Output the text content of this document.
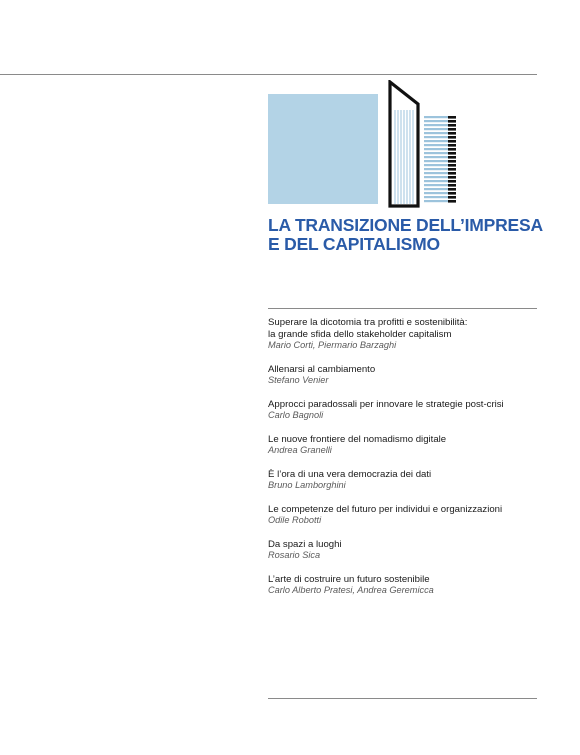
LA TRANSIZIONE DELL’IMPRESA
E DEL CAPITALISMO
Superare la dicotomia tra profitti e sostenibilità:
la grande sfida dello stakeholder capitalism
Mario Corti, Piermario Barzaghi
Allenarsi al cambiamento
Stefano Venier
Approcci paradossali per innovare le strategie post-crisi
Carlo Bagnoli
Le nuove frontiere del nomadismo digitale
Andrea Granelli
È l’ora di una vera democrazia dei dati
Bruno Lamborghini
Le competenze del futuro per individui e organizzazioni
Odile Robotti
Da spazi a luoghi
Rosario Sica
L’arte di costruire un futuro sostenibile
Carlo Alberto Pratesi, Andrea Geremicca
